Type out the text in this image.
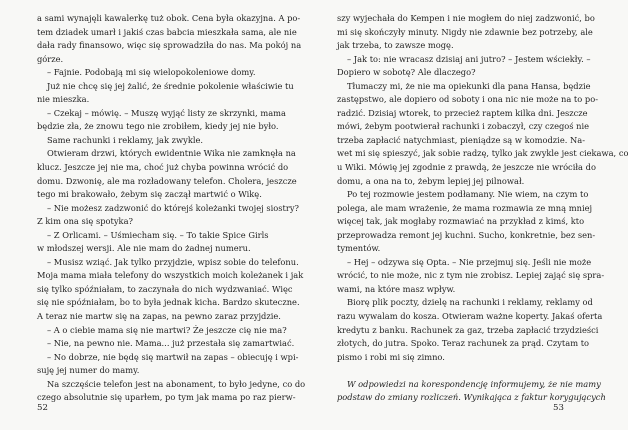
a sami wynajęli kawalerkę tuż obok. Cena była okazyjna. A po-
tem dziadek umarł i jakiś czas babcia mieszkała sama, ale nie
dała rady finansowo, więc się sprowadziła do nas. Ma pokój na
górze.
– Fajnie. Podobają mi się wielopokoleniowe domy.
Już nie chcę się jej żalić, że średnie pokolenie właściwie tu
nie mieszka.
– Czekaj – mówię. – Muszę wyjąć listy ze skrzynki, mama
będzie zła, że znowu tego nie zrobiłem, kiedy jej nie było.
Same rachunki i reklamy, jak zwykle.
Otwieram drzwi, których ewidentnie Wika nie zamknęła na
klucz. Jeszcze jej nie ma, choć już chyba powinna wrócić do
domu. Dzwonię, ale ma rozładowany telefon. Cholera, jeszcze
tego mi brakowało, żebym się zaczął martwić o Wikę.
– Nie możesz zadzwonić do którejś koleżanki twojej siostry?
Z kim ona się spotyka?
– Z Orlicami. – Uśmiecham się. – To takie Spice Girls
w młodszej wersji. Ale nie mam do żadnej numeru.
– Musisz wziąć. Jak tylko przyjdzie, wpisz sobie do telefonu.
Moja mama miała telefony do wszystkich moich koleżanek i jak
się tylko spóźniałam, to zaczynała do nich wydzwaniać. Więc
się nie spóźniałam, bo to była jednak kicha. Bardzo skuteczne.
A teraz nie martw się na zapas, na pewno zaraz przyjdzie.
– A o ciebie mama się nie martwi? Że jeszcze cię nie ma?
– Nie, na pewno nie. Mama... już przestała się zamartwiać.
– No dobrze, nie będę się martwił na zapas – obiecuję i wpi-
suję jej numer do mamy.
Na szczęście telefon jest na abonament, to było jedyne, co do
czego absolutnie się uparłem, po tym jak mama po raz pierw-
szy wyjechała do Kempen i nie mogłem do niej zadzwonić, bo
mi się skończyły minuty. Nigdy nie zdawnie bez potrzeby, ale
jak trzeba, to zawsze mogę.
– Jak to: nie wracasz dzisiaj ani jutro? – Jestem wściekły. –
Dopiero w sobotę? Ale dlaczego?
Tłumaczy mi, że nie ma opiekunki dla pana Hansa, będzie
zastępstwo, ale dopiero od soboty i ona nic nie może na to po-
radzić. Dzisiaj wtorek, to przecież raptem kilka dni. Jeszcze
mówi, żebym pootwierał rachunki i zobaczył, czy czegoś nie
trzeba zapłacić natychmiast, pieniądze są w komodzie. Na-
wet mi się spieszyć, jak sobie radzę, tylko jak zwykle jest ciekawa, co
u Wiki. Mówię jej zgodnie z prawdą, że jeszcze nie wróciła do
domu, a ona na to, żebym lepiej jej pilnował.
Po tej rozmowie jestem podłamany. Nie wiem, na czym to
polega, ale mam wrażenie, że mama rozmawia ze mną mniej
więcej tak, jak mogłaby rozmawiać na przykład z kimś, kto
przeprowadza remont jej kuchni. Sucho, konkretnie, bez sen-
tymentów.
– Hej – odzywa się Opta. – Nie przejmuj się. Jeśli nie może
wrócić, to nie może, nic z tym nie zrobisz. Lepiej zająć się spra-
wami, na które masz wpływ.
Biorę plik poczty, dzielę na rachunki i reklamy, reklamy od
razu wywalam do kosza. Otwieram ważne koperty. Jakaś oferta
kredytu z banku. Rachunek za gaz, trzeba zapłacić trzydzieści
złotych, do jutra. Spoko. Teraz rachunek za prąd. Czytam to
pismo i robi mi się zimno.
W odpowiedzi na korespondencję informujemy, że nie mamy
podstaw do zmiany rozliczeń. Wynikająca z faktur korygujących
52	53
